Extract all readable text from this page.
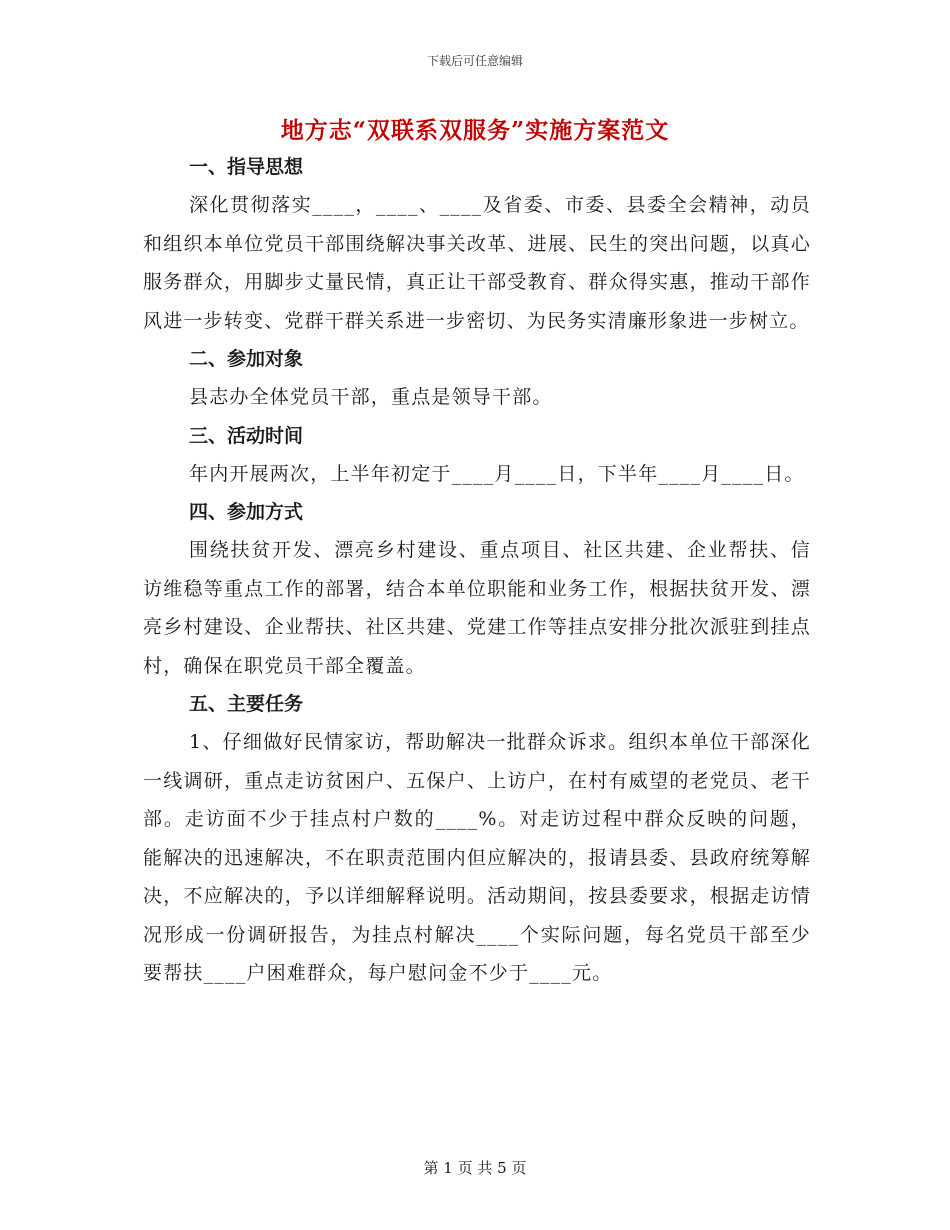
下载后可任意编辑
地方志“双联系双服务”实施方案范文

一、指导思想

深化贯彻落实____，____、____及省委、市委、县委全会精神，动员和组织本单位党员干部围绕解决事关改革、进展、民生的突出问题，以真心服务群众，用脚步丈量民情，真正让干部受教育、群众得实惠，推动干部作风进一步转变、党群干群关系进一步密切、为民务实清廉形象进一步树立。

二、参加对象

县志办全体党员干部，重点是领导干部。

三、活动时间

年内开展两次，上半年初定于____月____日，下半年____月____日。

四、参加方式

围绕扶贫开发、漂亮乡村建设、重点项目、社区共建、企业帮扶、信访维稳等重点工作的部署，结合本单位职能和业务工作，根据扶贫开发、漂亮乡村建设、企业帮扶、社区共建、党建工作等挂点安排分批次派驻到挂点村，确保在职党员干部全覆盖。

五、主要任务

1、仔细做好民情家访，帮助解决一批群众诉求。组织本单位干部深化一线调研，重点走访贫困户、五保户、上访户，在村有威望的老党员、老干部。走访面不少于挂点村户数的____%。对走访过程中群众反映的问题，能解决的迅速解决，不在职责范围内但应解决的，报请县委、县政府统筹解决，不应解决的，予以详细解释说明。活动期间，按县委要求，根据走访情况形成一份调研报告，为挂点村解决____个实际问题，每名党员干部至少要帮扶____户困难群众，每户慰问金不少于____元。

第 1 页 共 5 页
